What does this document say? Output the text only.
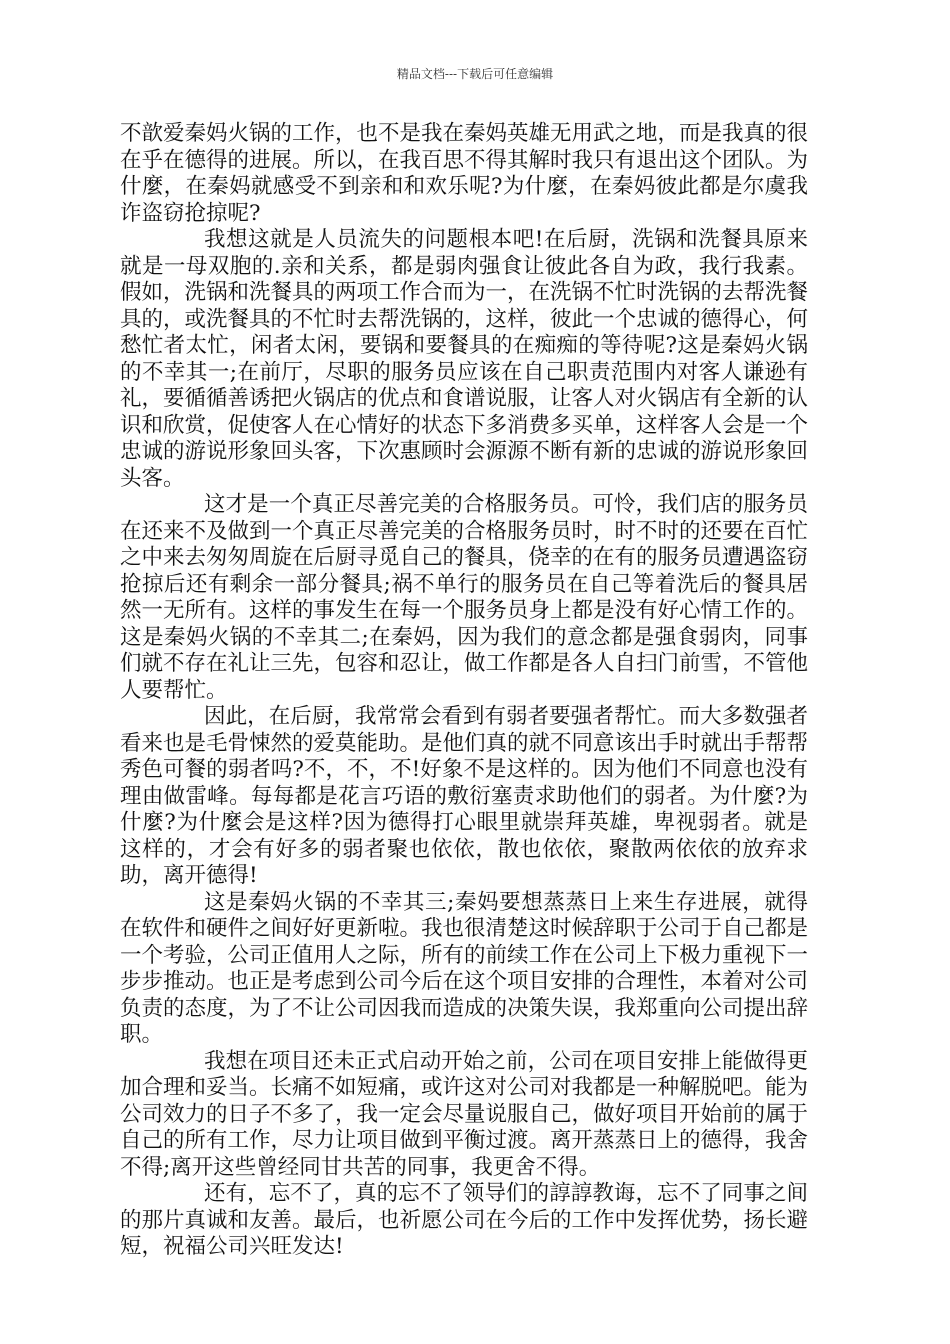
精品文档---下载后可任意编辑

不歆爱秦妈火锅的工作，也不是我在秦妈英雄无用武之地，而是我真的很在乎在德得的进展。所以，在我百思不得其解时我只有退出这个团队。为什麼，在秦妈就感受不到亲和和欢乐呢?为什麼，在秦妈彼此都是尔虞我诈盗窃抢掠呢?

我想这就是人员流失的问题根本吧!在后厨，洗锅和洗餐具原来就是一母双胞的.亲和关系，都是弱肉强食让彼此各自为政，我行我素。假如，洗锅和洗餐具的两项工作合而为一，在洗锅不忙时洗锅的去帮洗餐具的，或洗餐具的不忙时去帮洗锅的，这样，彼此一个忠诚的德得心，何愁忙者太忙，闲者太闲，要锅和要餐具的在痴痴的等待呢?这是秦妈火锅的不幸其一;在前厅，尽职的服务员应该在自己职责范围内对客人谦逊有礼，要循循善诱把火锅店的优点和食谱说服，让客人对火锅店有全新的认识和欣赏，促使客人在心情好的状态下多消费多买单，这样客人会是一个忠诚的游说形象回头客，下次惠顾时会源源不断有新的忠诚的游说形象回头客。

这才是一个真正尽善完美的合格服务员。可怜，我们店的服务员在还来不及做到一个真正尽善完美的合格服务员时，时不时的还要在百忙之中来去匆匆周旋在后厨寻觅自己的餐具，侥幸的在有的服务员遭遇盗窃抢掠后还有剩余一部分餐具;祸不单行的服务员在自己等着洗后的餐具居然一无所有。这样的事发生在每一个服务员身上都是没有好心情工作的。这是秦妈火锅的不幸其二;在秦妈，因为我们的意念都是强食弱肉，同事们就不存在礼让三先，包容和忍让，做工作都是各人自扫门前雪，不管他人要帮忙。

因此，在后厨，我常常会看到有弱者要强者帮忙。而大多数强者看来也是毛骨悚然的爱莫能助。是他们真的就不同意该出手时就出手帮帮秀色可餐的弱者吗?不，不，不!好象不是这样的。因为他们不同意也没有理由做雷峰。每每都是花言巧语的敷衍塞责求助他们的弱者。为什麼?为什麼?为什麼会是这样?因为德得打心眼里就崇拜英雄，卑视弱者。就是这样的，才会有好多的弱者聚也依依，散也依依，聚散两依依的放弃求助，离开德得!

这是秦妈火锅的不幸其三;秦妈要想蒸蒸日上来生存进展，就得在软件和硬件之间好好更新啦。我也很清楚这时候辞职于公司于自己都是一个考验，公司正值用人之际，所有的前续工作在公司上下极力重视下一步步推动。也正是考虑到公司今后在这个项目安排的合理性，本着对公司负责的态度，为了不让公司因我而造成的决策失误，我郑重向公司提出辞职。

我想在项目还未正式启动开始之前，公司在项目安排上能做得更加合理和妥当。长痛不如短痛，或许这对公司对我都是一种解脱吧。能为公司效力的日子不多了，我一定会尽量说服自己，做好项目开始前的属于自己的所有工作，尽力让项目做到平衡过渡。离开蒸蒸日上的德得，我舍不得;离开这些曾经同甘共苦的同事，我更舍不得。

还有，忘不了，真的忘不了领导们的諄諄教诲，忘不了同事之间的那片真诚和友善。最后，也祈愿公司在今后的工作中发挥优势，扬长避短，祝福公司兴旺发达!
